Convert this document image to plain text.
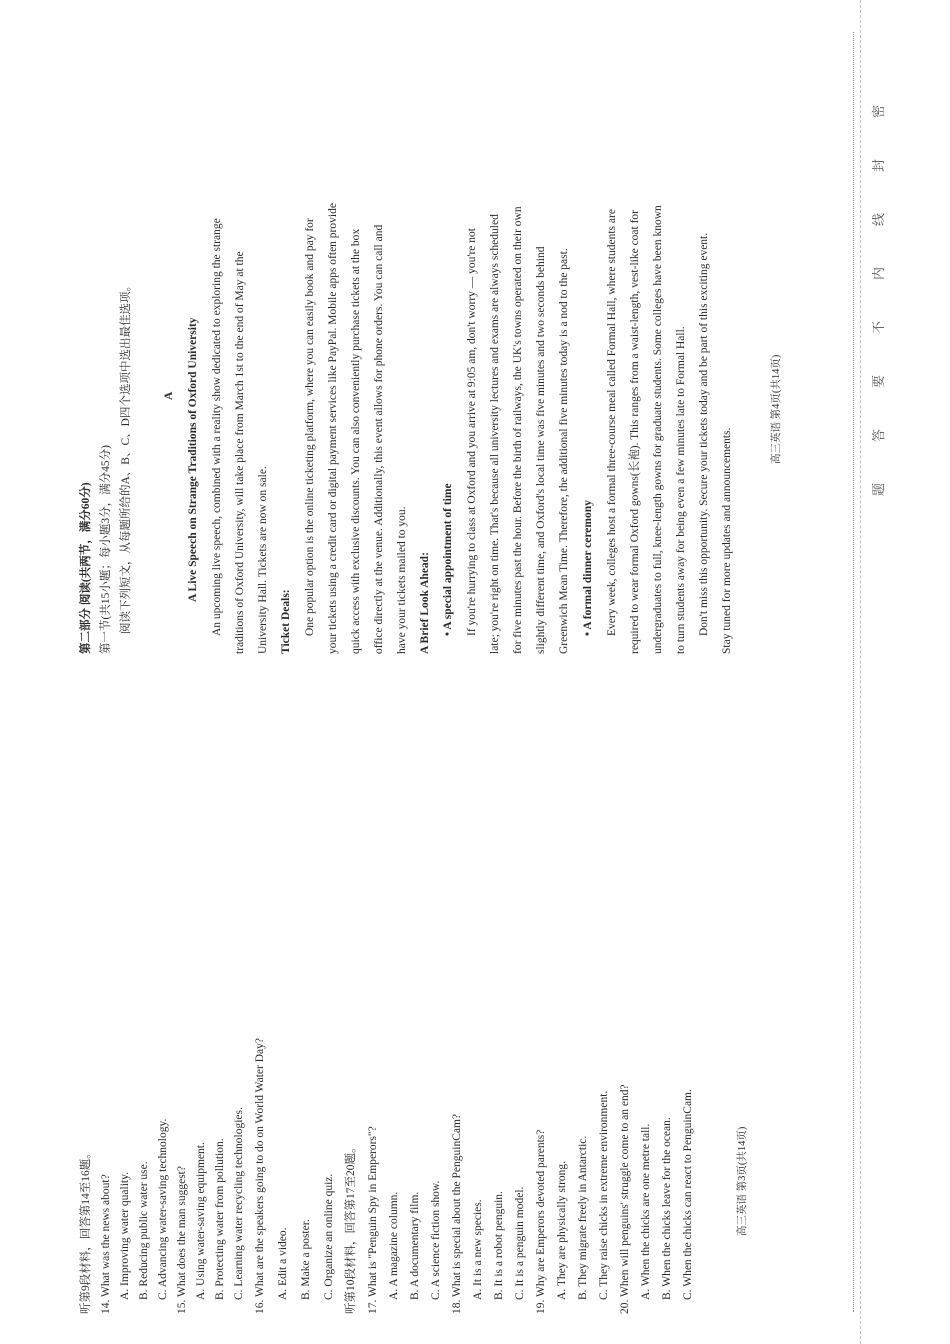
听第9段材料，回答第14至16题。 14. What was the news about? A. Improving water quality. B. Reducing public water use. C. Advancing water-saving technology. 15. What does the man suggest? A. Using water-saving equipment. B. Protecting water from pollution. C. Learning water recycling technologies. 16. What are the speakers going to do on World Water Day? A. Edit a video. B. Make a poster. C. Organize an online quiz. 听第10段材料，回答第17至20题。 17. What is "Penguin Spy in Emperors"? A. A magazine column. B. A documentary film. C. A science fiction show. 18. What is special about the PenguinCam? A. It is a new species. B. It is a robot penguin. C. It is a penguin model. 19. Why are Emperors devoted parents? A. They are physically strong. B. They migrate freely in Antarctic. C. They raise chicks in extreme environment. 20. When will penguins' struggle come to an end? A. When the chicks are one metre tall. B. When the chicks leave for the ocean. C. When the chicks can react to PenguinCam.	高三英语 第3页(共14页)
第二部分 阅读(共两节，满分60分) 第一节(共15小题；每小题3分，满分45分) 阅读下列短文，从每题所给的A、B、C、D四个选项中选出最佳选项。	A A Live Speech on Strange Traditions of Oxford University An upcoming live speech, combined with a reality show dedicated to exploring the strange traditions of Oxford University, will take place from March 1st to the end of May at the University Hall. Tickets are now on sale. Ticket Deals: One popular option is the online ticketing platform, where you can easily book and pay for your tickets using a credit card or digital payment services like PayPal. Mobile apps often provide quick access with exclusive discounts. You can also conveniently purchase tickets at the box office directly at the venue. Additionally, this event allows for phone orders. You can call and have your tickets mailed to you. A Brief Look Ahead: • A special appointment of time If you're hurrying to class at Oxford and you arrive at 9:05 am, don't worry — you're not late; you're right on time. That's because all university lectures and exams are always scheduled for five minutes past the hour. Before the birth of railways, the UK's towns operated on their own slightly different time, and Oxford's local time was five minutes and two seconds behind Greenwich Mean Time. Therefore, the additional five minutes today is a nod to the past. • A formal dinner ceremony Every week, colleges host a formal three-course meal called Formal Hall, where students are required to wear formal Oxford gowns(长袍). This ranges from a waist-length, vest-like coat for undergraduates to full, knee-length gowns for graduate students. Some colleges have been known to turn students away for being even a few minutes late to Formal Hall. Don't miss this opportunity. Secure your tickets today and be part of this exciting event. Stay tuned for more updates and announcements.
高三英语 第4页(共14页)
密
封
线
内
不
要
答
题
